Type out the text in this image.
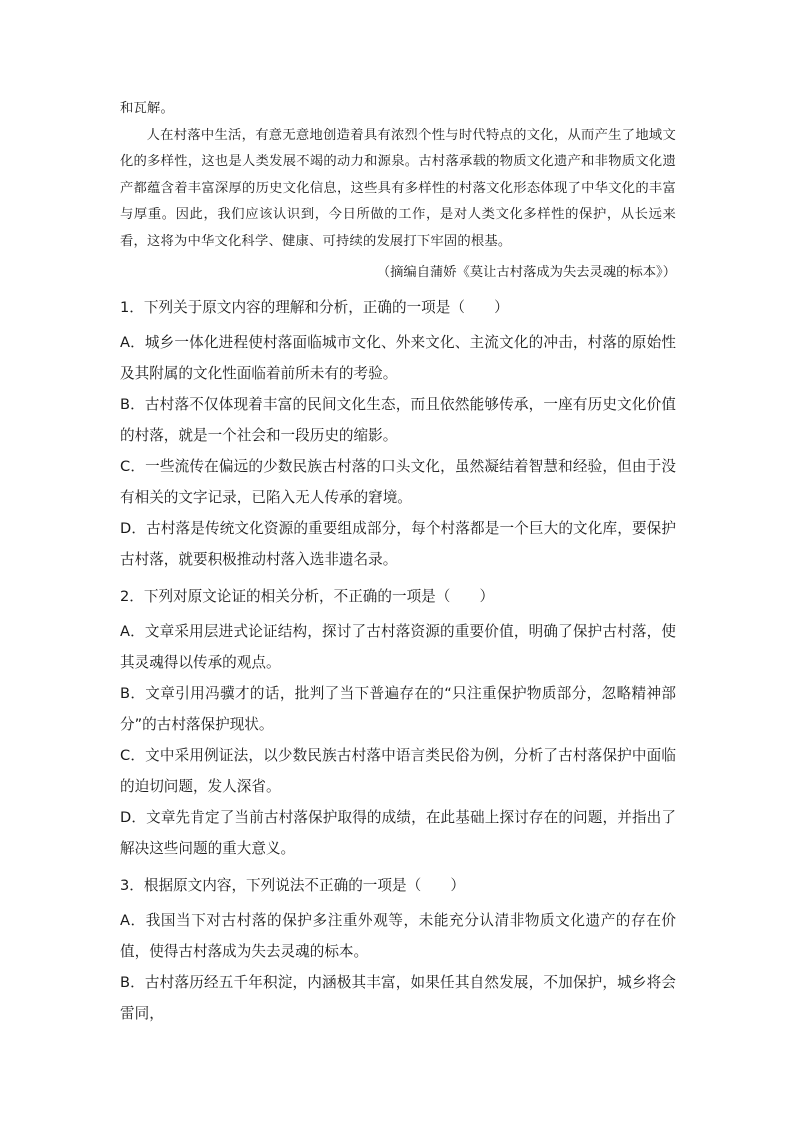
和瓦解。

人在村落中生活，有意无意地创造着具有浓烈个性与时代特点的文化，从而产生了地域文化的多样性，这也是人类发展不竭的动力和源泉。古村落承载的物质文化遗产和非物质文化遗产都蕴含着丰富深厚的历史文化信息，这些具有多样性的村落文化形态体现了中华文化的丰富与厚重。因此，我们应该认识到，今日所做的工作，是对人类文化多样性的保护，从长远来看，这将为中华文化科学、健康、可持续的发展打下牢固的根基。

（摘编自蒲娇《莫让古村落成为失去灵魂的标本》）

1．下列关于原文内容的理解和分析，正确的一项是（　　）

A．城乡一体化进程使村落面临城市文化、外来文化、主流文化的冲击，村落的原始性及其附属的文化性面临着前所未有的考验。

B．古村落不仅体现着丰富的民间文化生态，而且依然能够传承，一座有历史文化价值的村落，就是一个社会和一段历史的缩影。

C．一些流传在偏远的少数民族古村落的口头文化，虽然凝结着智慧和经验，但由于没有相关的文字记录，已陷入无人传承的窘境。

D．古村落是传统文化资源的重要组成部分，每个村落都是一个巨大的文化库，要保护古村落，就要积极推动村落入选非遗名录。

2．下列对原文论证的相关分析，不正确的一项是（　　）

A．文章采用层进式论证结构，探讨了古村落资源的重要价值，明确了保护古村落，使其灵魂得以传承的观点。

B．文章引用冯骥才的话，批判了当下普遍存在的“只注重保护物质部分，忽略精神部分”的古村落保护现状。

C．文中采用例证法，以少数民族古村落中语言类民俗为例，分析了古村落保护中面临的迫切问题，发人深省。

D．文章先肯定了当前古村落保护取得的成绩，在此基础上探讨存在的问题，并指出了解决这些问题的重大意义。

3．根据原文内容，下列说法不正确的一项是（　　）

A．我国当下对古村落的保护多注重外观等，未能充分认清非物质文化遗产的存在价值，使得古村落成为失去灵魂的标本。

B．古村落历经五千年积淀，内涵极其丰富，如果任其自然发展，不加保护，城乡将会雷同，
